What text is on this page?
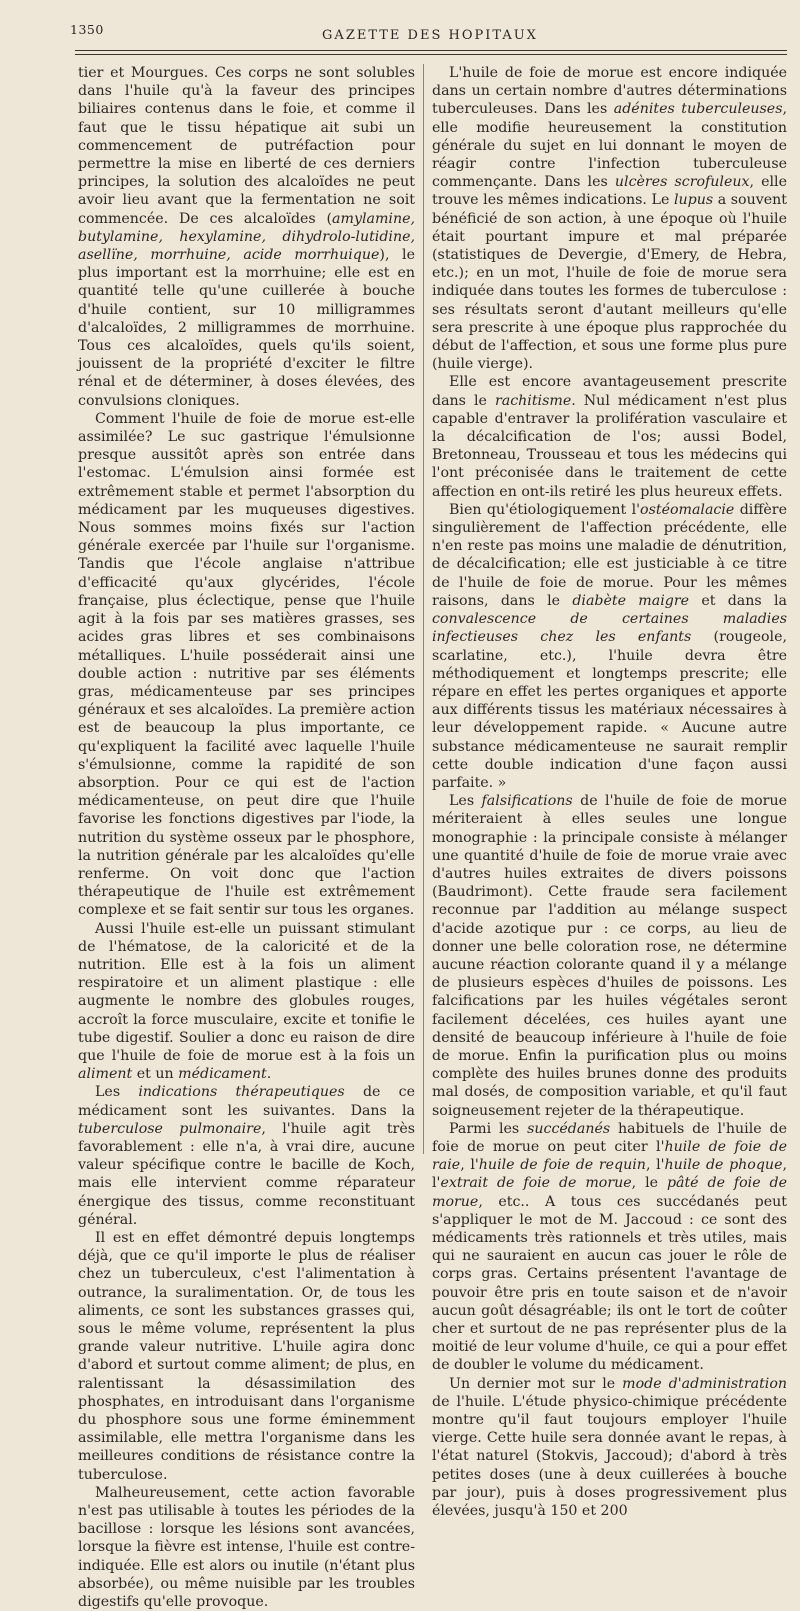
1350	GAZETTE DES HOPITAUX

tier et Mourgues. Ces corps ne sont solubles dans l'huile qu'à la faveur des principes biliaires contenus dans le foie, et comme il faut que le tissu hépatique ait subi un commencement de putréfaction pour permettre la mise en liberté de ces derniers principes, la solution des alcaloïdes ne peut avoir lieu avant que la fermentation ne soit commencée. De ces alcaloïdes (amylamine, butylamine, hexylamine, dihydrolo-lutidine, asellïne, morrhuine, acide morrhuique), le plus important est la morrhuine; elle est en quantité telle qu'une cuillerée à bouche d'huile contient, sur 10 milligrammes d'alcaloïdes, 2 milligrammes de morrhuine. Tous ces alcaloïdes, quels qu'ils soient, jouissent de la propriété d'exciter le filtre rénal et de déterminer, à doses élevées, des convulsions cloniques.

Comment l'huile de foie de morue est-elle assimilée? Le suc gastrique l'émulsionne presque aussitôt après son entrée dans l'estomac. L'émulsion ainsi formée est extrêmement stable et permet l'absorption du médicament par les muqueuses digestives. Nous sommes moins fixés sur l'action générale exercée par l'huile sur l'organisme. Tandis que l'école anglaise n'attribue d'efficacité qu'aux glycérides, l'école française, plus éclectique, pense que l'huile agit à la fois par ses matières grasses, ses acides gras libres et ses combinaisons métalliques. L'huile posséderait ainsi une double action : nutritive par ses éléments gras, médicamenteuse par ses principes généraux et ses alcaloïdes. La première action est de beaucoup la plus importante, ce qu'expliquent la facilité avec laquelle l'huile s'émulsionne, comme la rapidité de son absorption. Pour ce qui est de l'action médicamenteuse, on peut dire que l'huile favorise les fonctions digestives par l'iode, la nutrition du système osseux par le phosphore, la nutrition générale par les alcaloïdes qu'elle renferme. On voit donc que l'action thérapeutique de l'huile est extrêmement complexe et se fait sentir sur tous les organes.

Aussi l'huile est-elle un puissant stimulant de l'hématose, de la caloricité et de la nutrition. Elle est à la fois un aliment respiratoire et un aliment plastique : elle augmente le nombre des globules rouges, accroît la force musculaire, excite et tonifie le tube digestif. Soulier a donc eu raison de dire que l'huile de foie de morue est à la fois un aliment et un médicament.

Les indications thérapeutiques de ce médicament sont les suivantes. Dans la tuberculose pulmonaire, l'huile agit très favorablement : elle n'a, à vrai dire, aucune valeur spécifique contre le bacille de Koch, mais elle intervient comme réparateur énergique des tissus, comme reconstituant général.

Il est en effet démontré depuis longtemps déjà, que ce qu'il importe le plus de réaliser chez un tuberculeux, c'est l'alimentation à outrance, la suralimentation. Or, de tous les aliments, ce sont les substances grasses qui, sous le même volume, représentent la plus grande valeur nutritive. L'huile agira donc d'abord et surtout comme aliment; de plus, en ralentissant la désassimilation des phosphates, en introduisant dans l'organisme du phosphore sous une forme éminemment assimilable, elle mettra l'organisme dans les meilleures conditions de résistance contre la tuberculose.

Malheureusement, cette action favorable n'est pas utilisable à toutes les périodes de la bacillose : lorsque les lésions sont avancées, lorsque la fièvre est intense, l'huile est contre-indiquée. Elle est alors ou inutile (n'étant plus absorbée), ou même nuisible par les troubles digestifs qu'elle provoque.

L'huile de foie de morue est encore indiquée dans un certain nombre d'autres déterminations tuberculeuses. Dans les adénites tuberculeuses, elle modifie heureusement la constitution générale du sujet en lui donnant le moyen de réagir contre l'infection tuberculeuse commençante. Dans les ulcères scrofuleux, elle trouve les mêmes indications. Le lupus a souvent bénéficié de son action, à une époque où l'huile était pourtant impure et mal préparée (statistiques de Devergie, d'Emery, de Hebra, etc.); en un mot, l'huile de foie de morue sera indiquée dans toutes les formes de tuberculose : ses résultats seront d'autant meilleurs qu'elle sera prescrite à une époque plus rapprochée du début de l'affection, et sous une forme plus pure (huile vierge).

Elle est encore avantageusement prescrite dans le rachitisme. Nul médicament n'est plus capable d'entraver la prolifération vasculaire et la décalcification de l'os; aussi Bodel, Bretonneau, Trousseau et tous les médecins qui l'ont préconisée dans le traitement de cette affection en ont-ils retiré les plus heureux effets.

Bien qu'étiologiquement l'ostéomalacie diffère singulièrement de l'affection précédente, elle n'en reste pas moins une maladie de dénutrition, de décalcification; elle est justiciable à ce titre de l'huile de foie de morue. Pour les mêmes raisons, dans le diabète maigre et dans la convalescence de certaines maladies infectieuses chez les enfants (rougeole, scarlatine, etc.), l'huile devra être méthodiquement et longtemps prescrite; elle répare en effet les pertes organiques et apporte aux différents tissus les matériaux nécessaires à leur développement rapide. « Aucune autre substance médicamenteuse ne saurait remplir cette double indication d'une façon aussi parfaite. »

Les falsifications de l'huile de foie de morue mériteraient à elles seules une longue monographie : la principale consiste à mélanger une quantité d'huile de foie de morue vraie avec d'autres huiles extraites de divers poissons (Baudrimont). Cette fraude sera facilement reconnue par l'addition au mélange suspect d'acide azotique pur : ce corps, au lieu de donner une belle coloration rose, ne détermine aucune réaction colorante quand il y a mélange de plusieurs espèces d'huiles de poissons. Les falcifications par les huiles végétales seront facilement décelées, ces huiles ayant une densité de beaucoup inférieure à l'huile de foie de morue. Enfin la purification plus ou moins complète des huiles brunes donne des produits mal dosés, de composition variable, et qu'il faut soigneusement rejeter de la thérapeutique.

Parmi les succédanés habituels de l'huile de foie de morue on peut citer l'huile de foie de raie, l'huile de foie de requin, l'huile de phoque, l'extrait de foie de morue, le pâté de foie de morue, etc.. A tous ces succédanés peut s'appliquer le mot de M. Jaccoud : ce sont des médicaments très rationnels et très utiles, mais qui ne sauraient en aucun cas jouer le rôle de corps gras. Certains présentent l'avantage de pouvoir être pris en toute saison et de n'avoir aucun goût désagréable; ils ont le tort de coûter cher et surtout de ne pas représenter plus de la moitié de leur volume d'huile, ce qui a pour effet de doubler le volume du médicament.

Un dernier mot sur le mode d'administration de l'huile. L'étude physico-chimique précédente montre qu'il faut toujours employer l'huile vierge. Cette huile sera donnée avant le repas, à l'état naturel (Stokvis, Jaccoud); d'abord à très petites doses (une à deux cuillerées à bouche par jour), puis à doses progressivement plus élevées, jusqu'à 150 et 200
